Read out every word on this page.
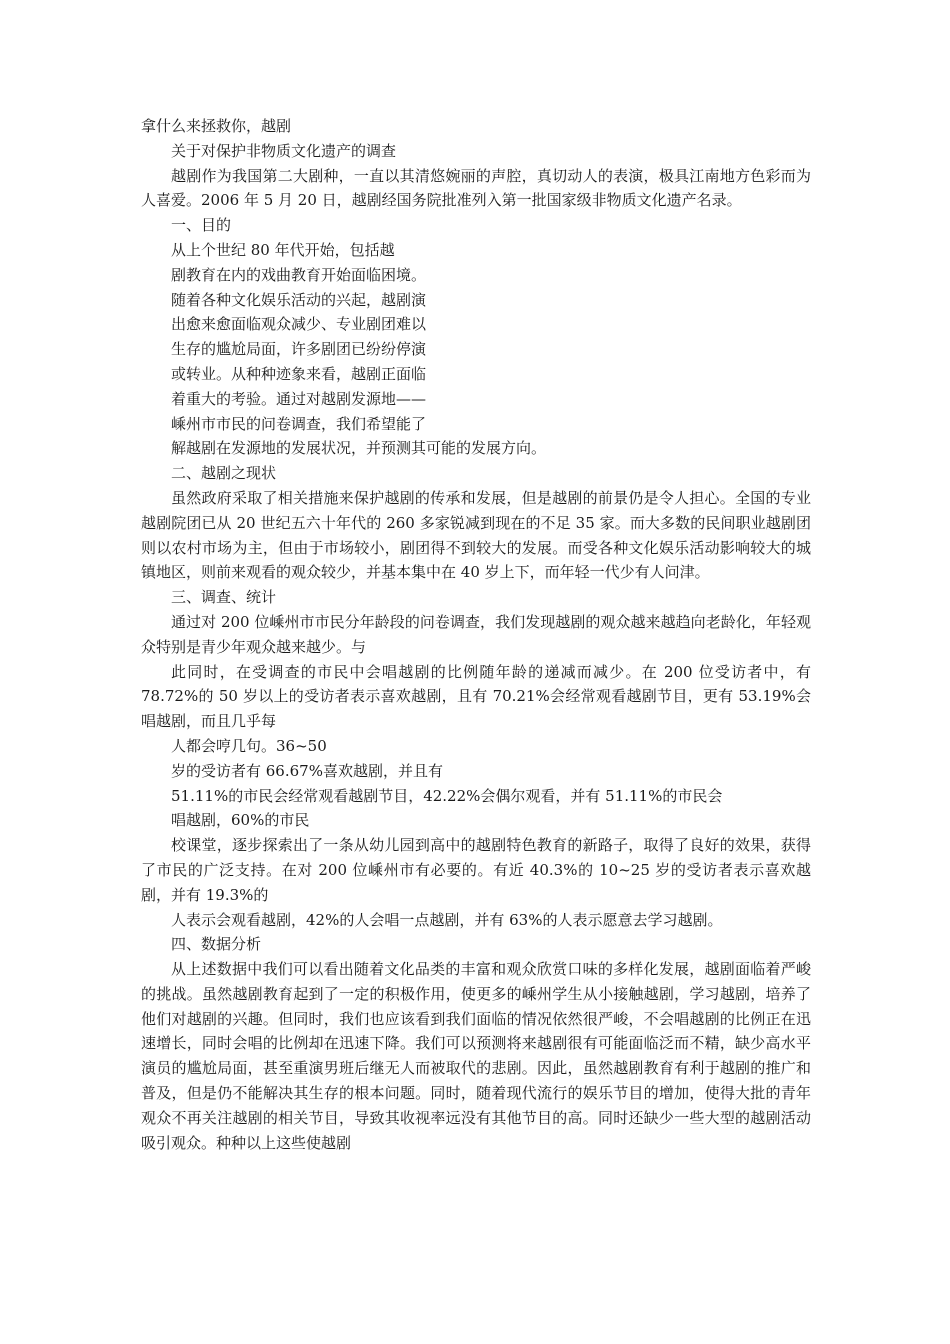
拿什么来拯救你，越剧
关于对保护非物质文化遗产的调查
越剧作为我国第二大剧种，一直以其清悠婉丽的声腔，真切动人的表演，极具江南地方色彩而为人喜爱。2006 年 5 月 20 日，越剧经国务院批准列入第一批国家级非物质文化遗产名录。
一、目的
从上个世纪 80 年代开始，包括越
剧教育在内的戏曲教育开始面临困境。
随着各种文化娱乐活动的兴起，越剧演
出愈来愈面临观众减少、专业剧团难以
生存的尴尬局面，许多剧团已纷纷停演
或转业。从种种迹象来看，越剧正面临
着重大的考验。通过对越剧发源地——
嵊州市市民的问卷调查，我们希望能了
解越剧在发源地的发展状况，并预测其可能的发展方向。
二、越剧之现状
虽然政府采取了相关措施来保护越剧的传承和发展，但是越剧的前景仍是令人担心。全国的专业越剧院团已从 20 世纪五六十年代的 260 多家锐减到现在的不足 35 家。而大多数的民间职业越剧团则以农村市场为主，但由于市场较小，剧团得不到较大的发展。而受各种文化娱乐活动影响较大的城镇地区，则前来观看的观众较少，并基本集中在 40 岁上下，而年轻一代少有人问津。
三、调查、统计
通过对 200 位嵊州市市民分年龄段的问卷调查，我们发现越剧的观众越来越趋向老龄化，年轻观众特别是青少年观众越来越少。与
此同时，在受调查的市民中会唱越剧的比例随年龄的递减而减少。在 200 位受访者中，有 78.72%的 50 岁以上的受访者表示喜欢越剧，且有 70.21%会经常观看越剧节目，更有 53.19%会唱越剧，而且几乎每
人都会哼几句。36~50
岁的受访者有 66.67%喜欢越剧，并且有
51.11%的市民会经常观看越剧节目，42.22%会偶尔观看，并有 51.11%的市民会
唱越剧，60%的市民
校课堂，逐步探索出了一条从幼儿园到高中的越剧特色教育的新路子，取得了良好的效果，获得了市民的广泛支持。在对 200 位嵊州市有必要的。有近 40.3%的 10~25 岁的受访者表示喜欢越剧，并有 19.3%的
人表示会观看越剧，42%的人会唱一点越剧，并有 63%的人表示愿意去学习越剧。
四、数据分析
从上述数据中我们可以看出随着文化品类的丰富和观众欣赏口味的多样化发展，越剧面临着严峻的挑战。虽然越剧教育起到了一定的积极作用，使更多的嵊州学生从小接触越剧，学习越剧，培养了他们对越剧的兴趣。但同时，我们也应该看到我们面临的情况依然很严峻，不会唱越剧的比例正在迅速增长，同时会唱的比例却在迅速下降。我们可以预测将来越剧很有可能面临泛而不精，缺少高水平演员的尴尬局面，甚至重演男班后继无人而被取代的悲剧。因此，虽然越剧教育有利于越剧的推广和普及，但是仍不能解决其生存的根本问题。同时，随着现代流行的娱乐节目的增加，使得大批的青年观众不再关注越剧的相关节目，导致其收视率远没有其他节目的高。同时还缺少一些大型的越剧活动吸引观众。种种以上这些使越剧
